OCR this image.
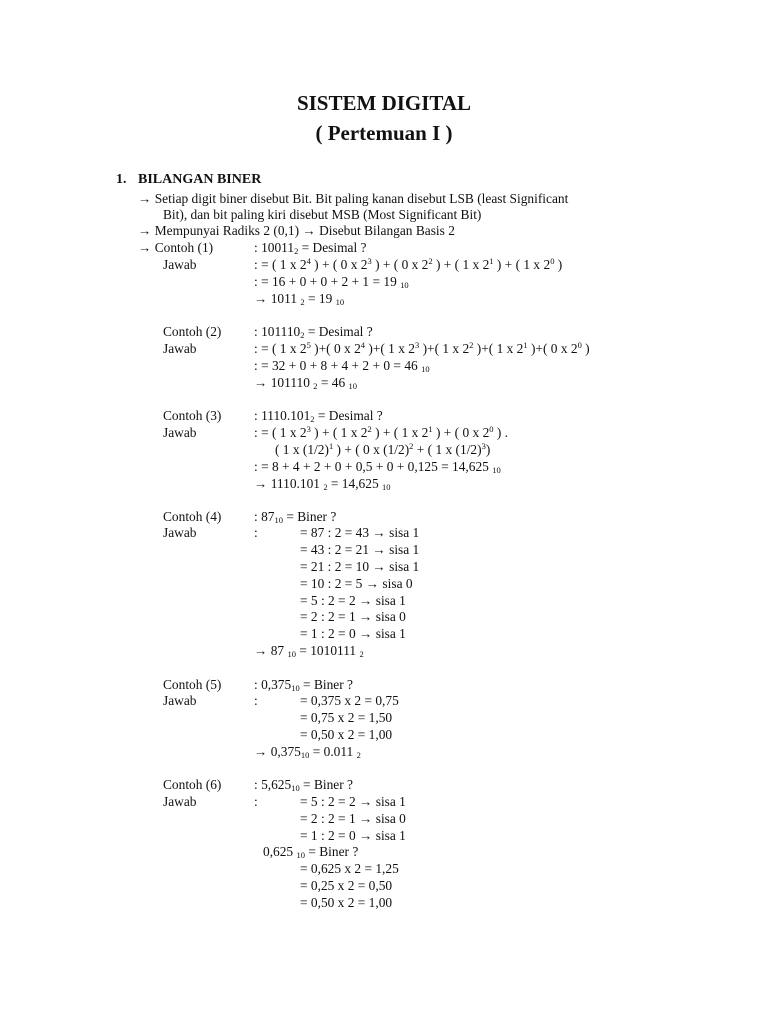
SISTEM DIGITAL
( Pertemuan I )
1. BILANGAN BINER
→ Setiap digit biner disebut Bit. Bit paling kanan disebut LSB (least Significant
Bit), dan bit paling kiri disebut MSB (Most Significant Bit)
→ Mempunyai Radiks 2 (0,1) → Disebut Bilangan Basis 2
→ Contoh (1)	: $10011_2$ = Desimal ?
Jawab	: = ( 1 x $2^4$ ) + ( 0 x $2^3$ ) + ( 0 x $2^2$ ) + ( 1 x $2^1$ ) + ( 1 x $2^0$ )
: = 16 + 0 + 0 + 2 + 1 = 19 $_{10}$
→ 1011 $_2$ = 19 $_{10}$
Contoh (2) : $101110_2$ = Desimal ?
Jawab	: = ( 1 x $2^5$ )+( 0 x $2^4$ )+( 1 x $2^3$ )+( 1 x $2^2$ )+( 1 x $2^1$ )+( 0 x $2^0$ )
: = 32 + 0 + 8 + 4 + 2 + 0 = 46 $_{10}$
→ 101110 $_2$ = 46 $_{10}$
Contoh (3) : $1110.101_2$ = Desimal ?
Jawab	: = ( 1 x $2^3$ ) + ( 1 x $2^2$ ) + ( 1 x $2^1$ ) + ( 0 x $2^0$ ) .
( 1 x $(1/2)^1$ ) + ( 0 x $(1/2)^2$ + ( 1 x $(1/2)^3$)
: = 8 + 4 + 2 + 0 + 0,5 + 0 + 0,125 = 14,625 $_{10}$
→ 1110.101 $_2$ = 14,625 $_{10}$
Contoh (4) : $87_{10}$ = Biner ?
Jawab	:	= 87 : 2 = 43 → sisa 1
= 43 : 2 = 21 → sisa 1
= 21 : 2 = 10 → sisa 1
= 10 : 2 = 5 → sisa 0
= 5 : 2 = 2 → sisa 1
= 2 : 2 = 1 → sisa 0
= 1 : 2 = 0 → sisa 1
→ 87 $_{10}$ = 1010111 $_2$
Contoh (5) : $0,375_{10}$ = Biner ?
Jawab	:	= 0,375 x 2 = 0,75
= 0,75 x 2 = 1,50
= 0,50 x 2 = 1,00
→ $0,375_{10} = 0.011$ $_2$
Contoh (6) : $5,625_{10}$ = Biner ?
Jawab	:	= 5 : 2 = 2 → sisa 1
= 2 : 2 = 1 → sisa 0
= 1 : 2 = 0 → sisa 1
0,625 $_{10}$ = Biner ?
= 0,625 x 2 = 1,25
= 0,25 x 2 = 0,50
= 0,50 x 2 = 1,00
